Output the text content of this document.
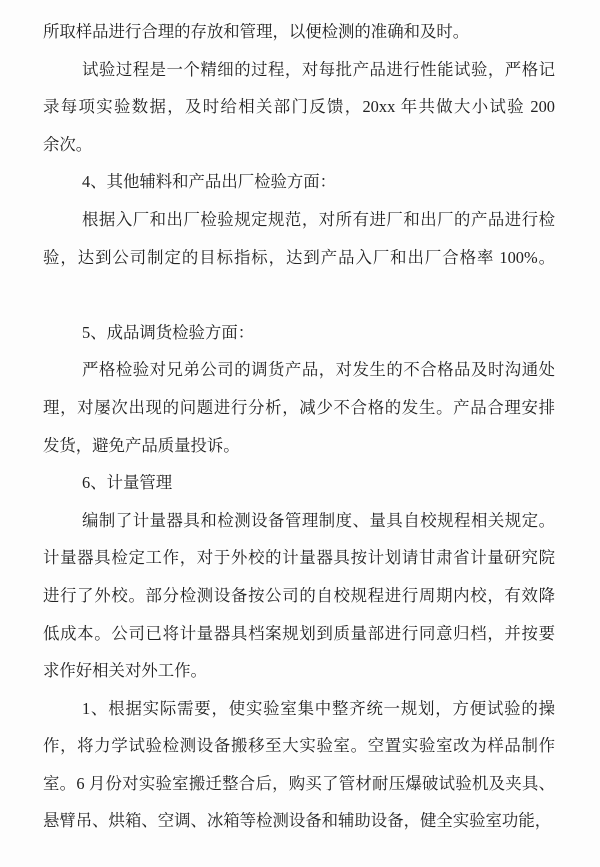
所取样品进行合理的存放和管理，以便检测的准确和及时。
试验过程是一个精细的过程，对每批产品进行性能试验，严格记
录每项实验数据，及时给相关部门反馈，20xx 年共做大小试验 200
余次。
4、其他辅料和产品出厂检验方面：
根据入厂和出厂检验规定规范，对所有进厂和出厂的产品进行检
验，达到公司制定的目标指标，达到产品入厂和出厂合格率 100%。
5、成品调货检验方面：
严格检验对兄弟公司的调货产品，对发生的不合格品及时沟通处
理，对屡次出现的问题进行分析，减少不合格的发生。产品合理安排
发货，避免产品质量投诉。
6、计量管理
编制了计量器具和检测设备管理制度、量具自校规程相关规定。
计量器具检定工作，对于外校的计量器具按计划请甘肃省计量研究院
进行了外校。部分检测设备按公司的自校规程进行周期内校，有效降
低成本。公司已将计量器具档案规划到质量部进行同意归档，并按要
求作好相关对外工作。
1、根据实际需要，使实验室集中整齐统一规划，方便试验的操
作，将力学试验检测设备搬移至大实验室。空置实验室改为样品制作
室。6 月份对实验室搬迁整合后，购买了管材耐压爆破试验机及夹具、
悬臂吊、烘箱、空调、冰箱等检测设备和辅助设备，健全实验室功能，
